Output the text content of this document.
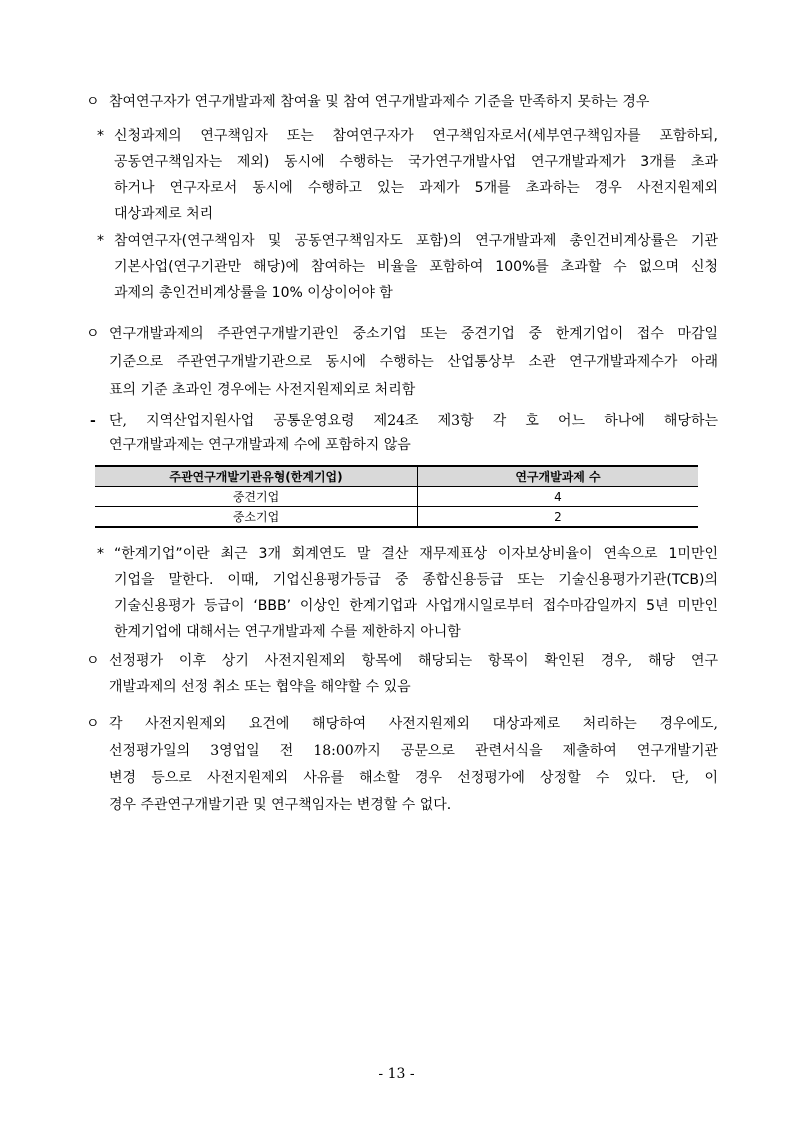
ㅇ 참여연구자가 연구개발과제 참여율 및 참여 연구개발과제수 기준을 만족하지 못하는 경우
* 신청과제의 연구책임자 또는 참여연구자가 연구책임자로서(세부연구책임자를 포함하되,
공동연구책임자는 제외) 동시에 수행하는 국가연구개발사업 연구개발과제가 3개를 초과
하거나 연구자로서 동시에 수행하고 있는 과제가 5개를 초과하는 경우 사전지원제외
대상과제로 처리
* 참여연구자(연구책임자 및 공동연구책임자도 포함)의 연구개발과제 총인건비계상률은 기관
기본사업(연구기관만 해당)에 참여하는 비율을 포함하여 100%를 초과할 수 없으며 신청
과제의 총인건비계상률을 10% 이상이어야 함
ㅇ 연구개발과제의 주관연구개발기관인 중소기업 또는 중견기업 중 한계기업이 접수 마감일
기준으로 주관연구개발기관으로 동시에 수행하는 산업통상부 소관 연구개발과제수가 아래
표의 기준 초과인 경우에는 사전지원제외로 처리함
- 단, 지역산업지원사업 공통운영요령 제24조 제3항 각 호 어느 하나에 해당하는
연구개발과제는 연구개발과제 수에 포함하지 않음
주관연구개발기관유형(한계기업)	연구개발과제 수
중견기업	4
중소기업	2
* “한계기업”이란 최근 3개 회계연도 말 결산 재무제표상 이자보상비율이 연속으로 1미만인
기업을 말한다. 이때, 기업신용평가등급 중 종합신용등급 또는 기술신용평가기관(TCB)의
기술신용평가 등급이 ‘BBB’ 이상인 한계기업과 사업개시일로부터 접수마감일까지 5년 미만인
한계기업에 대해서는 연구개발과제 수를 제한하지 아니함
ㅇ 선정평가 이후 상기 사전지원제외 항목에 해당되는 항목이 확인된 경우, 해당 연구
개발과제의 선정 취소 또는 협약을 해약할 수 있음
ㅇ 각 사전지원제외 요건에 해당하여 사전지원제외 대상과제로 처리하는 경우에도,
선정평가일의 3영업일 전 18:00까지 공문으로 관련서식을 제출하여 연구개발기관
변경 등으로 사전지원제외 사유를 해소할 경우 선정평가에 상정할 수 있다. 단, 이
경우 주관연구개발기관 및 연구책임자는 변경할 수 없다.
- 13 -
